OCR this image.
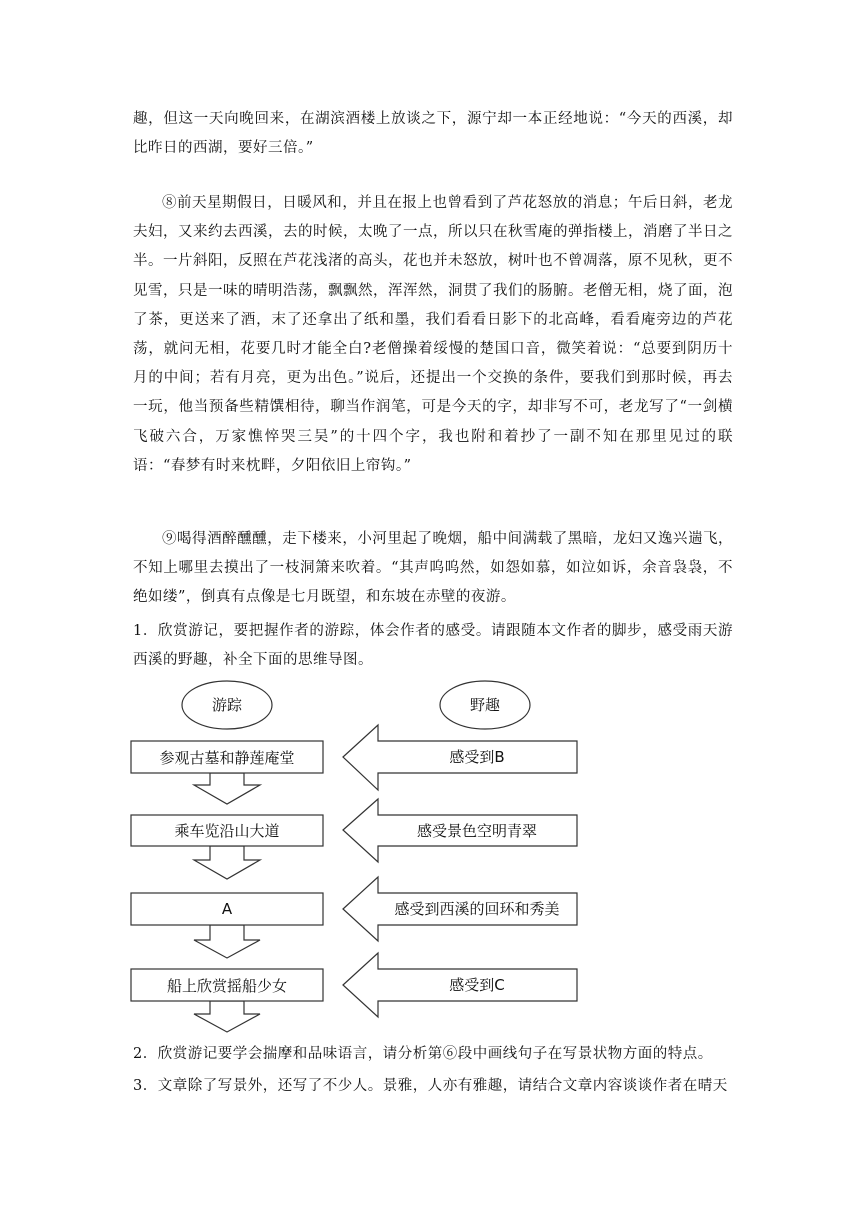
趣，但这一天向晚回来，在湖滨酒楼上放谈之下，源宁却一本正经地说：“今天的西溪，却比昨日的西湖，要好三倍。”
⑧前天星期假日，日暖风和，并且在报上也曾看到了芦花怒放的消息；午后日斜，老龙夫妇，又来约去西溪，去的时候，太晚了一点，所以只在秋雪庵的弹指楼上，消磨了半日之半。一片斜阳，反照在芦花浅渚的高头，花也并未怒放，树叶也不曾凋落，原不见秋，更不见雪，只是一味的晴明浩荡，飘飘然，浑浑然，洞贯了我们的肠腑。老僧无相，烧了面，泡了茶，更送来了酒，末了还拿出了纸和墨，我们看看日影下的北高峰，看看庵旁边的芦花荡，就问无相，花要几时才能全白?老僧操着绥慢的楚国口音，微笑着说：“总要到阴历十月的中间；若有月亮，更为出色。”说后，还提出一个交换的条件，要我们到那时候，再去一玩，他当预备些精馔相待，聊当作润笔，可是今天的字，却非写不可，老龙写了“一剑横飞破六合，万家憔悴哭三吴”的十四个字，我也附和着抄了一副不知在那里见过的联语：“春梦有时来枕畔，夕阳依旧上帘钩。”
⑨喝得酒醉醺醺，走下楼来，小河里起了晚烟，船中间满载了黑暗，龙妇又逸兴遄飞，不知上哪里去摸出了一枝洞箫来吹着。“其声呜呜然，如怨如慕，如泣如诉，余音袅袅，不绝如缕”，倒真有点像是七月既望，和东坡在赤壁的夜游。
1．欣赏游记，要把握作者的游踪，体会作者的感受。请跟随本文作者的脚步，感受雨天游西溪的野趣，补全下面的思维导图。
游踪	野趣
参观古墓和静莲庵堂
乘车览沿山大道
A
船上欣赏摇船少女
感受到B
感受景色空明青翠
感受到西溪的回环和秀美
感受到C
2．欣赏游记要学会揣摩和品味语言，请分析第⑥段中画线句子在写景状物方面的特点。
3．文章除了写景外，还写了不少人。景雅，人亦有雅趣，请结合文章内容谈谈作者在晴天
